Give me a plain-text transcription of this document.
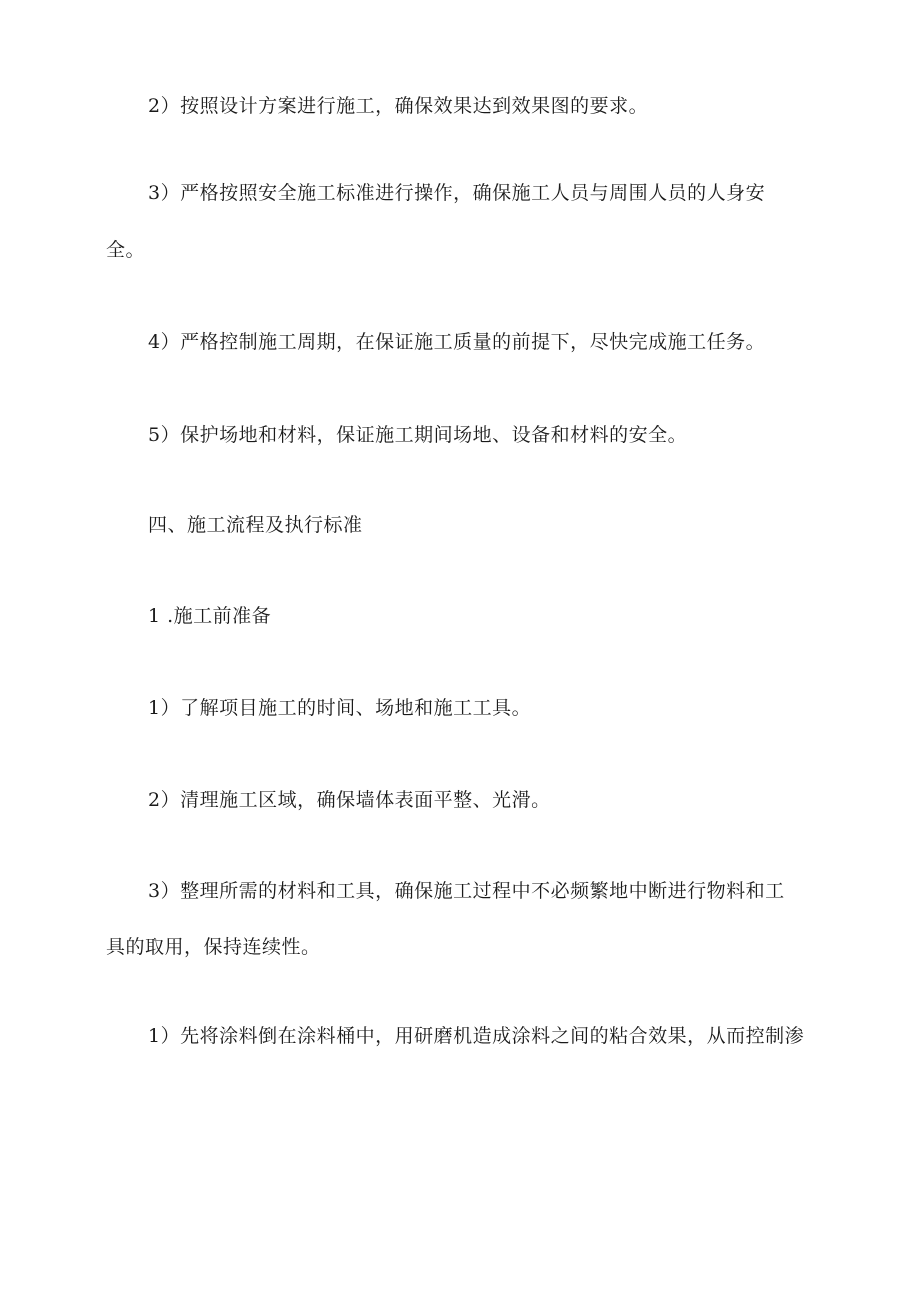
2）按照设计方案进行施工，确保效果达到效果图的要求。
3）严格按照安全施工标准进行操作，确保施工人员与周围人员的人身安
全。
4）严格控制施工周期，在保证施工质量的前提下，尽快完成施工任务。
5）保护场地和材料，保证施工期间场地、设备和材料的安全。
四、施工流程及执行标准
1 .施工前准备
1）了解项目施工的时间、场地和施工工具。
2）清理施工区域，确保墙体表面平整、光滑。
3）整理所需的材料和工具，确保施工过程中不必频繁地中断进行物料和工
具的取用，保持连续性。
1）先将涂料倒在涂料桶中，用研磨机造成涂料之间的粘合效果，从而控制渗
